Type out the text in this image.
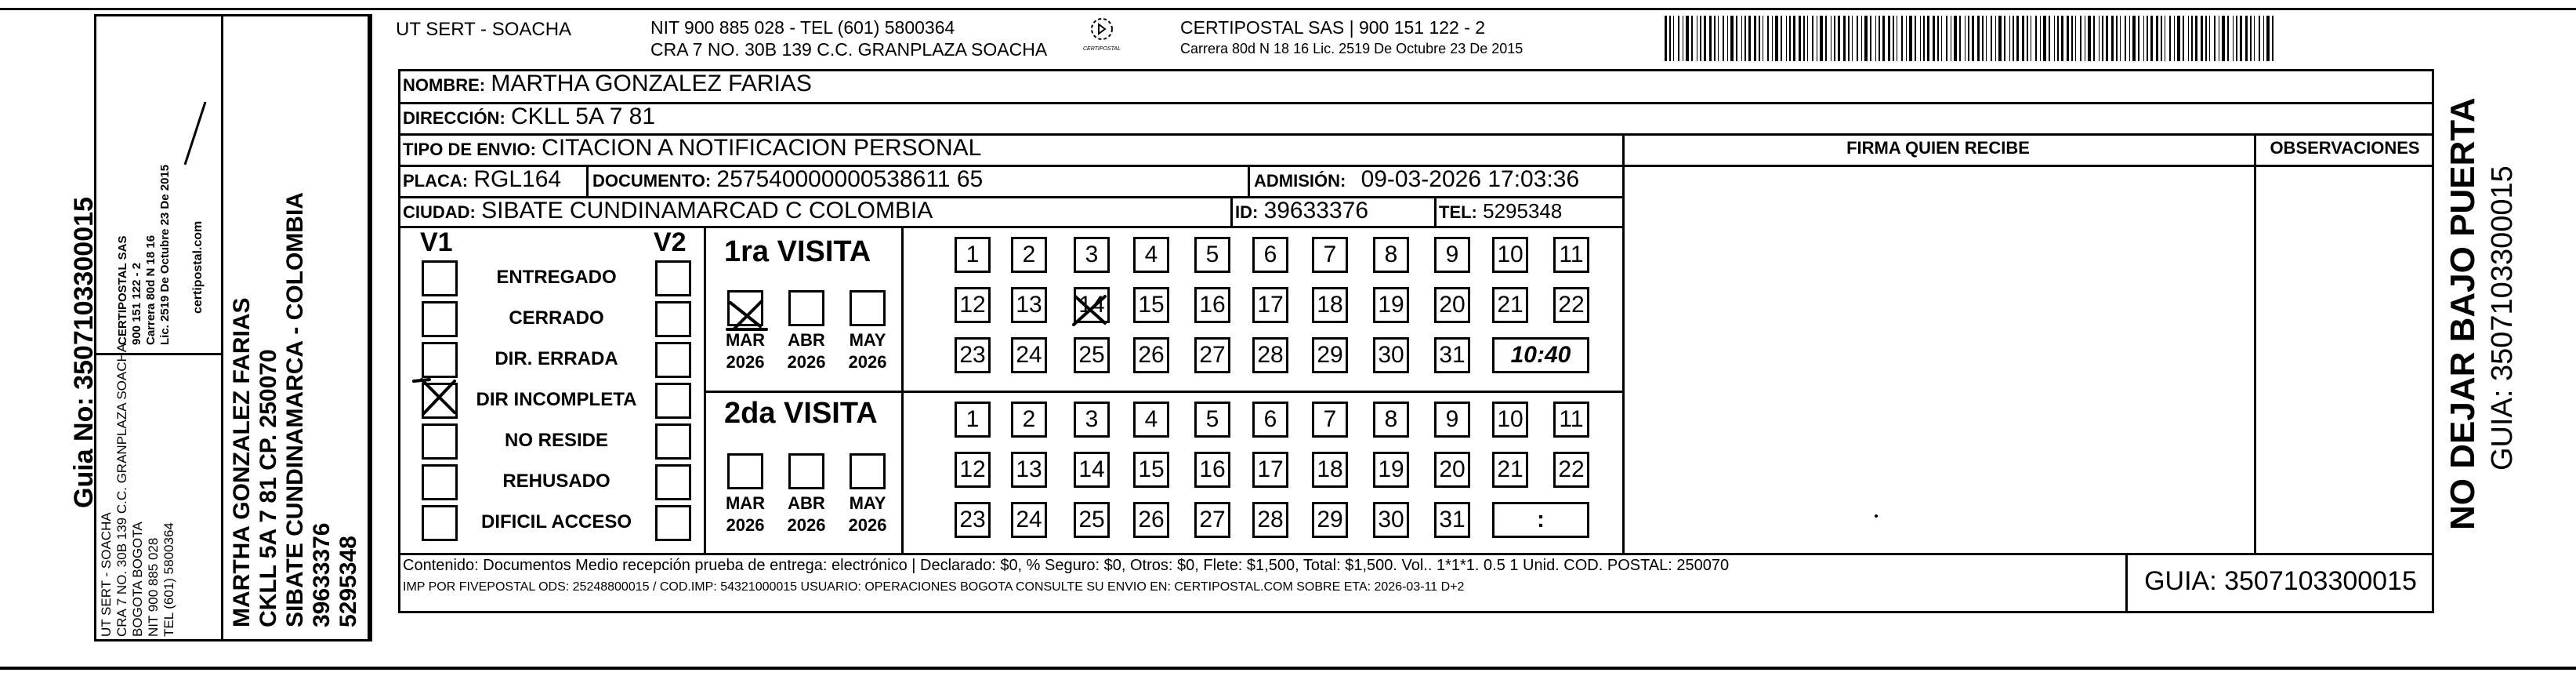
Guia No: 3507103300015
UT SERT - SOACHA CRA 7 NO. 30B 139 C.C. GRANPLAZA SOACHA BOGOTA BOGOTA NIT 900 885 028 TEL (601) 5800364
CERTIPOSTAL SAS 900 151 122 - 2 Carrera 80d N 18 16 Lic. 2519 De Octubre 23 De 2015 certipostal.com
MARTHA GONZALEZ FARIAS CKLL 5A 7 81 CP. 250070 SIBATE CUNDINAMARCA - COLOMBIA 39633376 5295348
UT SERT - SOACHA	NIT 900 885 028 - TEL (601) 5800364
CRA 7 NO. 30B 139 C.C. GRANPLAZA SOACHA	CERTIPOSTAL
CERTIPOSTAL SAS | 900 151 122 - 2
Carrera 80d N 18 16 Lic. 2519 De Octubre 23 De 2015
NOMBRE: MARTHA GONZALEZ FARIAS
DIRECCIÓN: CKLL 5A 7 81
TIPO DE ENVIO: CITACION A NOTIFICACION PERSONAL
PLACA: RGL164 DOCUMENTO: 257540000000538611 65	ADMISIÓN: 09-03-2026 17:03:36
CIUDAD: SIBATE CUNDINAMARCAD C COLOMBIA	ID: 39633376	TEL: 5295348
FIRMA QUIEN RECIBE	OBSERVACIONES
V1	V2
ENTREGADO
CERRADO
DIR. ERRADA
DIR INCOMPLETA
NO RESIDE
REHUSADO
DIFICIL ACCESO
1ra VISITA
2da VISITA
MAR
2026
ABR
2026
MAY
2026
MAR
2026
ABR
2026
MAY
2026
1	2	3	4	5	6	7	8	9	10 11
12 13 14 15 16 17 18 19 20 21 22
23 24 25 26 27 28 29 30 31	10:40
1	2	3	4	5	6	7	8	9	10 11
12 13 14 15 16 17 18 19 20 21 22
23 24 25 26 27 28 29 30 31	:
Contenido: Documentos Medio recepción prueba de entrega: electrónico | Declarado: $0, % Seguro: $0, Otros: $0, Flete: $1,500, Total: $1,500. Vol.. 1*1*1. 0.5 1 Unid. COD. POSTAL: 250070
IMP POR FIVEPOSTAL ODS: 25248800015 / COD.IMP: 54321000015 USUARIO: OPERACIONES BOGOTA CONSULTE SU ENVIO EN: CERTIPOSTAL.COM SOBRE ETA: 2026-03-11 D+2	GUIA: 3507103300015
NO DEJAR BAJO PUERTA GUIA: 3507103300015
